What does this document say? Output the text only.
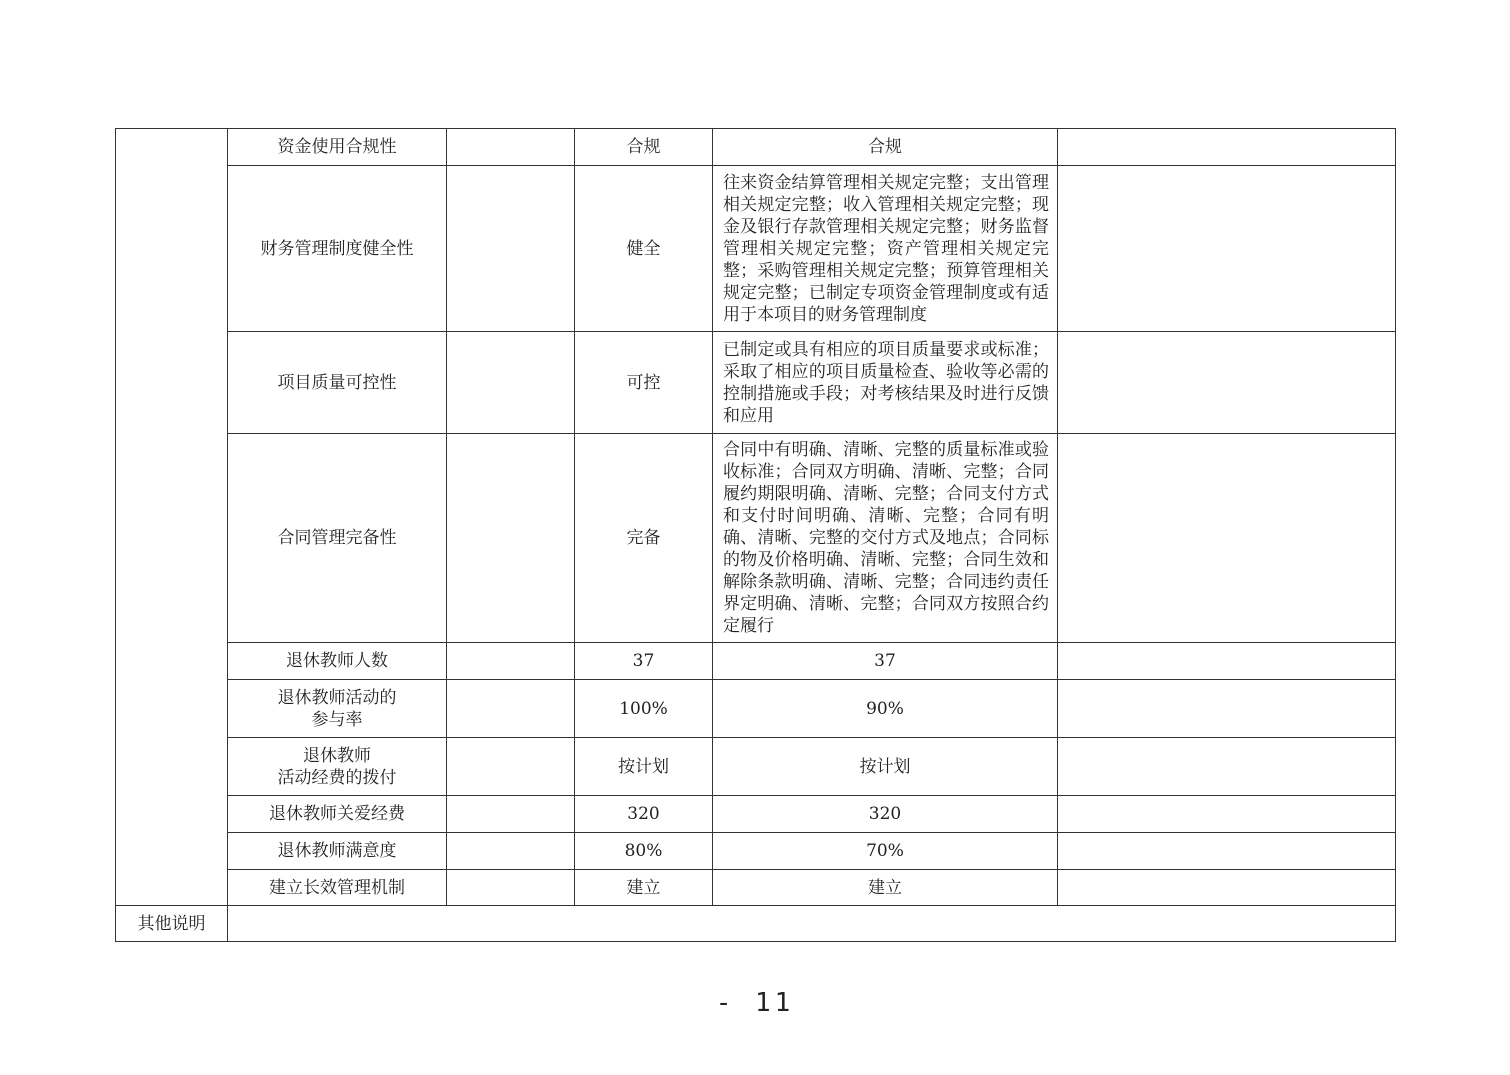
	资金使用合规性		合规	合规	
	财务管理制度健全性		健全	往来资金结算管理相关规定完整；支出管理相关规定完整；收入管理相关规定完整；现金及银行存款管理相关规定完整；财务监督管理相关规定完整；资产管理相关规定完整；采购管理相关规定完整；预算管理相关规定完整；已制定专项资金管理制度或有适用于本项目的财务管理制度	
	项目质量可控性		可控	已制定或具有相应的项目质量要求或标准；采取了相应的项目质量检查、验收等必需的控制措施或手段；对考核结果及时进行反馈和应用	
	合同管理完备性		完备	合同中有明确、清晰、完整的质量标准或验收标准；合同双方明确、清晰、完整；合同履约期限明确、清晰、完整；合同支付方式和支付时间明确、清晰、完整；合同有明确、清晰、完整的交付方式及地点；合同标的物及价格明确、清晰、完整；合同生效和解除条款明确、清晰、完整；合同违约责任界定明确、清晰、完整；合同双方按照合约定履行	
	退休教师人数		37	37	

	退休教师活动的
参与率		100%	90%	

	退休教师
活动经费的拨付		按计划	按计划	
	退休教师关爱经费		320	320	
	退休教师满意度		80%	70%	
	建立长效管理机制		建立	建立	
其他说明					
- 11
